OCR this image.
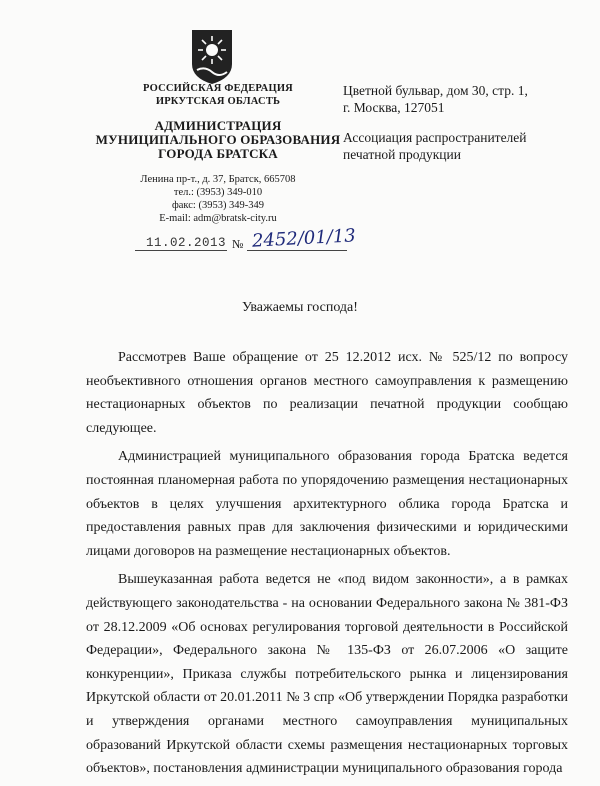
РОССИЙСКАЯ ФЕДЕРАЦИЯ
ИРКУТСКАЯ ОБЛАСТЬ
АДМИНИСТРАЦИЯ
МУНИЦИПАЛЬНОГО ОБРАЗОВАНИЯ
ГОРОДА БРАТСКА
Ленина пр-т., д. 37, Братск, 665708
тел.: (3953) 349-010
факс: (3953) 349-349
E-mail: adm@bratsk-city.ru
11.02.2013 № 2452/01/13
Цветной бульвар, дом 30, стр. 1,
г. Москва, 127051
Ассоциация распространителей
печатной продукции
Уважаемы господа!

Рассмотрев Ваше обращение от 25 12.2012 исх. № 525/12 по вопросу необъективного отношения органов местного самоуправления к размещению нестационарных объектов по реализации печатной продукции сообщаю следующее.

Администрацией муниципального образования города Братска ведется постоянная планомерная работа по упорядочению размещения нестационарных объектов в целях улучшения архитектурного облика города Братска и предоставления равных прав для заключения физическими и юридическими лицами договоров на размещение нестационарных объектов.

Вышеуказанная работа ведется не «под видом законности», а в рамках действующего законодательства - на основании Федерального закона № 381-ФЗ от 28.12.2009 «Об основах регулирования торговой деятельности в Российской Федерации», Федерального закона № 135-ФЗ от 26.07.2006 «О защите конкуренции», Приказа службы потребительского рынка и лицензирования Иркутской области от 20.01.2011 № 3 спр «Об утверждении Порядка разработки и утверждения органами местного самоуправления муниципальных образований Иркутской области схемы размещения нестационарных торговых объектов», постановления администрации муниципального образования города
